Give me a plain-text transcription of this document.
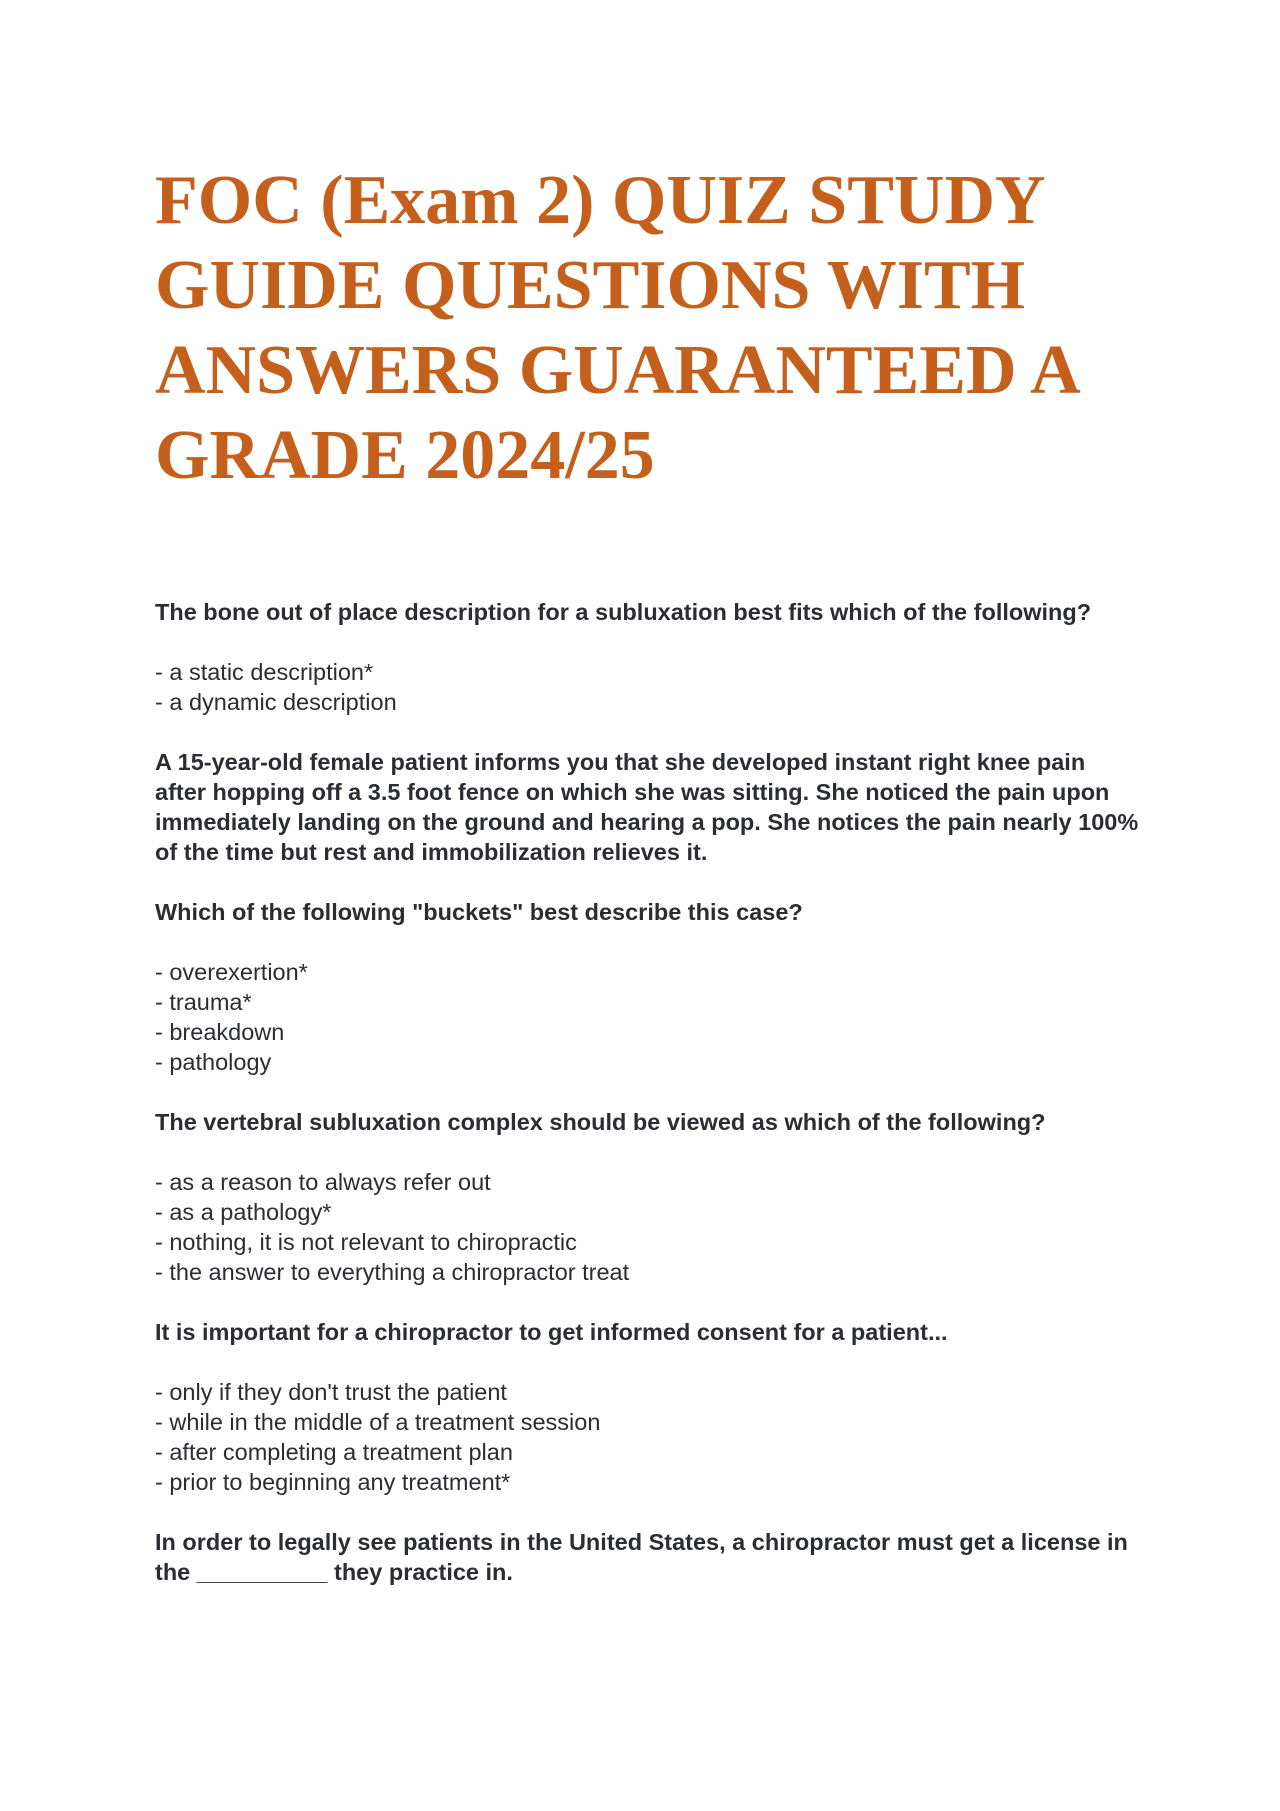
FOC (Exam 2) QUIZ STUDY GUIDE QUESTIONS WITH ANSWERS GUARANTEED A GRADE 2024/25

The bone out of place description for a subluxation best fits which of the following?

- a static description*
- a dynamic description

A 15-year-old female patient informs you that she developed instant right knee pain after hopping off a 3.5 foot fence on which she was sitting. She noticed the pain upon immediately landing on the ground and hearing a pop. She notices the pain nearly 100% of the time but rest and immobilization relieves it.

Which of the following "buckets" best describe this case?

- overexertion*
- trauma*
- breakdown
- pathology

The vertebral subluxation complex should be viewed as which of the following?

- as a reason to always refer out
- as a pathology*
- nothing, it is not relevant to chiropractic
- the answer to everything a chiropractor treat

It is important for a chiropractor to get informed consent for a patient...

- only if they don't trust the patient
- while in the middle of a treatment session
- after completing a treatment plan
- prior to beginning any treatment*

In order to legally see patients in the United States, a chiropractor must get a license in the __________ they practice in.
